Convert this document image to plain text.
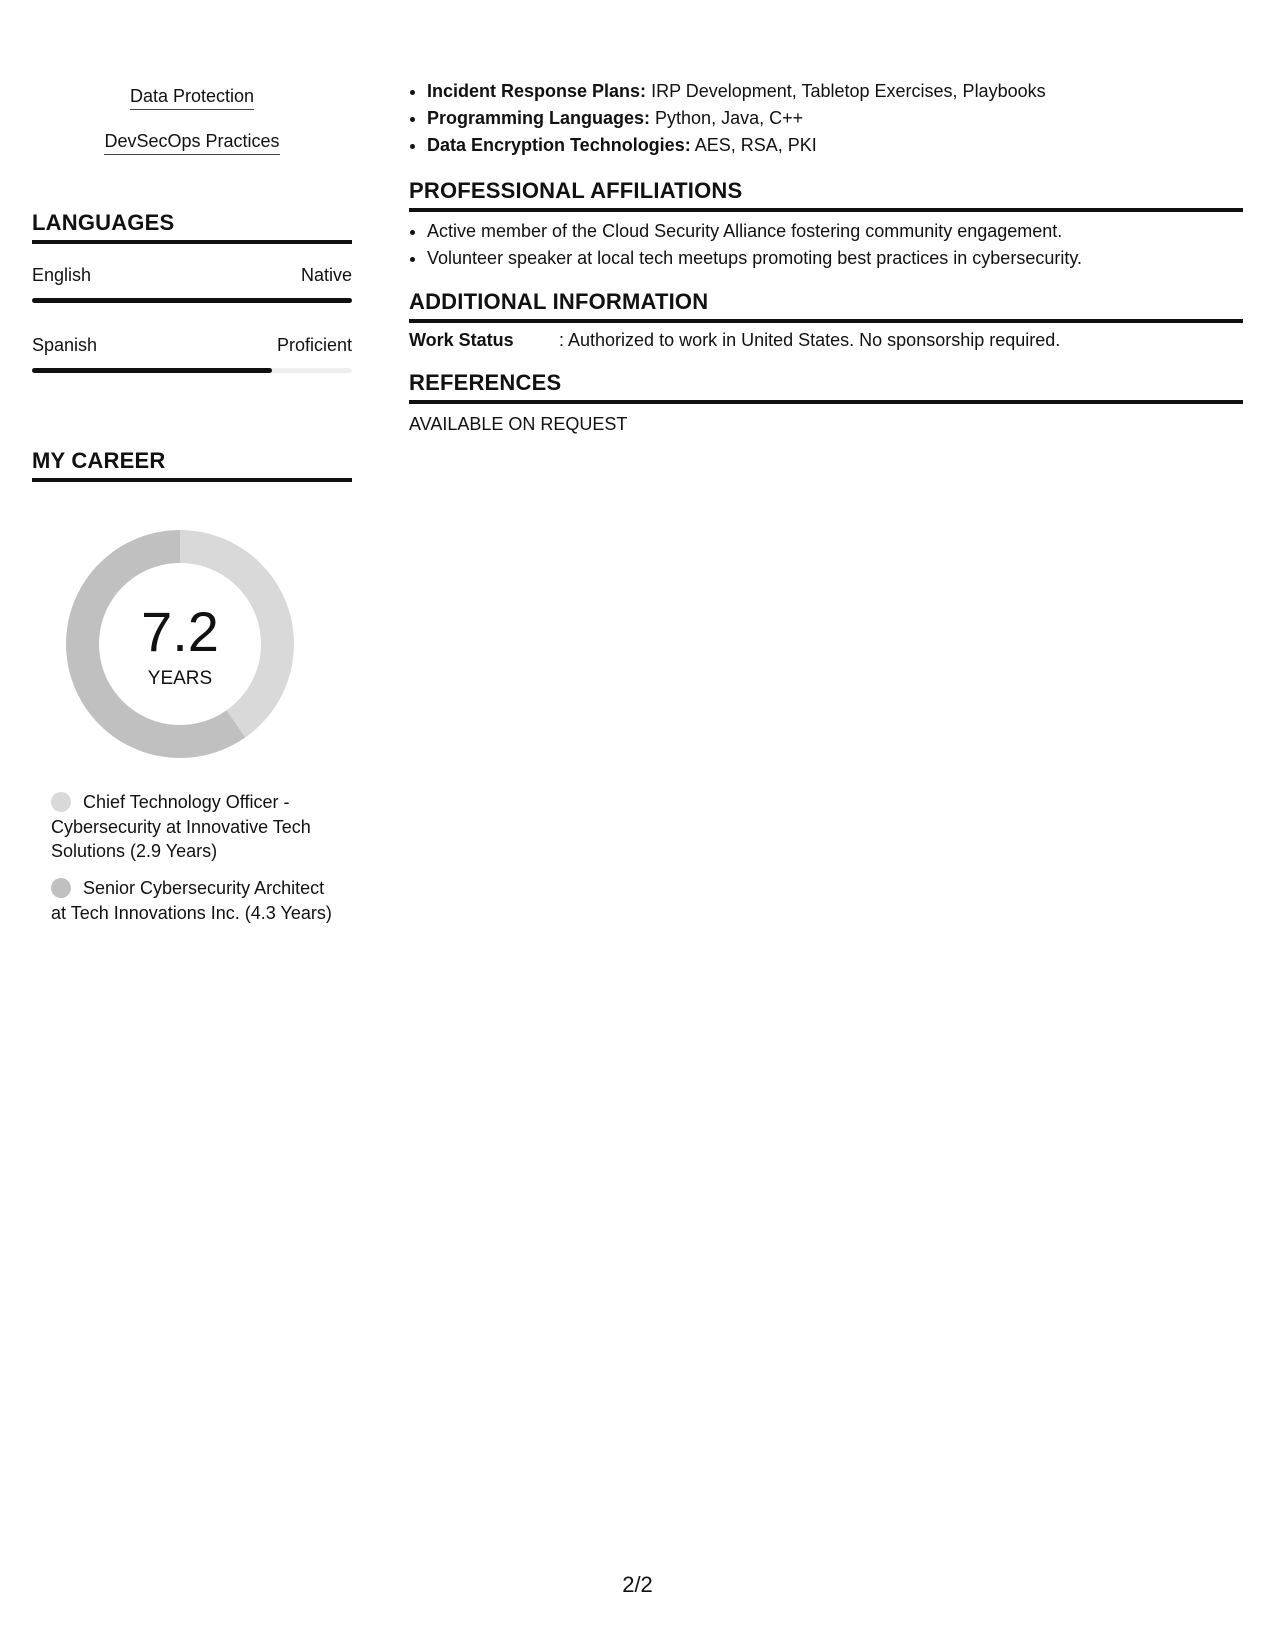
Data Protection
DevSecOps Practices
LANGUAGES
English	Native
Spanish	Proficient
MY CAREER
7.2
YEARS
Chief Technology Officer - Cybersecurity at Innovative Tech Solutions (2.9 Years)
Senior Cybersecurity Architect at Tech Innovations Inc. (4.3 Years)
• Incident Response Plans: IRP Development, Tabletop Exercises, Playbooks
• Programming Languages: Python, Java, C++
• Data Encryption Technologies: AES, RSA, PKI
PROFESSIONAL AFFILIATIONS
• Active member of the Cloud Security Alliance fostering community engagement.
• Volunteer speaker at local tech meetups promoting best practices in cybersecurity.
ADDITIONAL INFORMATION
Work Status	: Authorized to work in United States. No sponsorship required.
REFERENCES
AVAILABLE ON REQUEST
2/2
